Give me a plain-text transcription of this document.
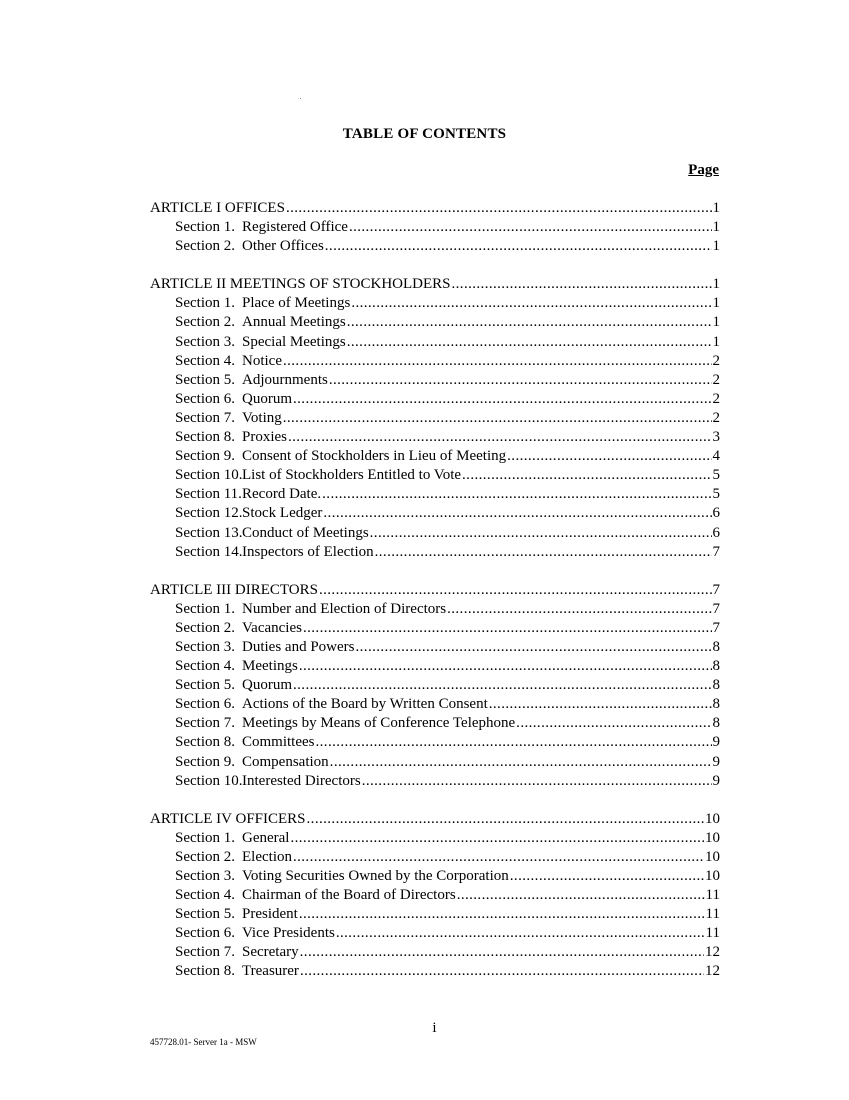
TABLE OF CONTENTS
Page
ARTICLE I OFFICES .....	1
Section 1. Registered Office .....	1
Section 2. Other Offices .....	1
ARTICLE II MEETINGS OF STOCKHOLDERS .....	1
Section 1. Place of Meetings .....	1
Section 2. Annual Meetings .....	1
Section 3. Special Meetings .....	1
Section 4. Notice .....	2
Section 5. Adjournments .....	2
Section 6. Quorum .....	2
Section 7. Voting .....	2
Section 8. Proxies .....	3
Section 9. Consent of Stockholders in Lieu of Meeting .....	4
Section 10. List of Stockholders Entitled to Vote .....	5
Section 11. Record Date. .....	5
Section 12. Stock Ledger .....	6
Section 13. Conduct of Meetings .....	6
Section 14. Inspectors of Election .....	7
ARTICLE III DIRECTORS .....	7
Section 1. Number and Election of Directors .....	7
Section 2. Vacancies .....	7
Section 3. Duties and Powers .....	8
Section 4. Meetings .....	8
Section 5. Quorum .....	8
Section 6. Actions of the Board by Written Consent .....	8
Section 7. Meetings by Means of Conference Telephone .....	8
Section 8. Committees .....	9
Section 9. Compensation .....	9
Section 10. Interested Directors .....	9
ARTICLE IV OFFICERS .....	10
Section 1. General .....	10
Section 2. Election .....	10
Section 3. Voting Securities Owned by the Corporation .....	10
Section 4. Chairman of the Board of Directors .....	11
Section 5. President .....	11
Section 6. Vice Presidents .....	11
Section 7. Secretary .....	12
Section 8. Treasurer .....	12
i
457728.01- Server 1a - MSW
